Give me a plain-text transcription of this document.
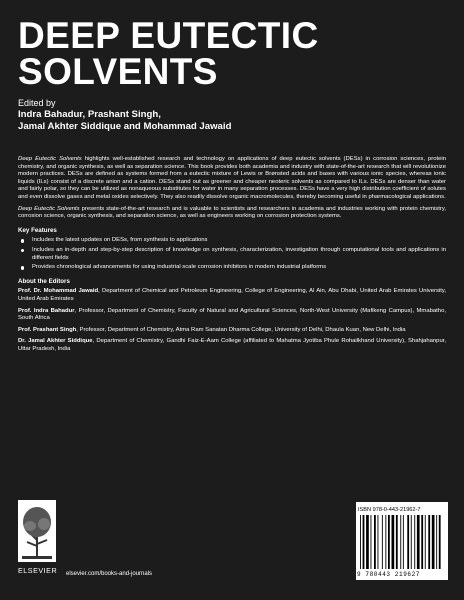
DEEP EUTECTIC
SOLVENTS
Edited by
Indra Bahadur, Prashant Singh,
Jamal Akhter Siddique and Mohammad Jawaid

Deep Eutectic Solvents highlights well-established research and technology on applications of deep eutectic solvents (DESs) in corrosion sciences, protein chemistry, and organic synthesis, as well as separation science. This book provides both academia and industry with state-of-the-art research that will revolutionize modern practices. DESs are defined as systems formed from a eutectic mixture of Lewis or Brønsted acids and bases with various ionic species, whereas ionic liquids (ILs) consist of a discrete anion and a cation. DESs stand out as greener and cheaper neoteric solvents as compared to ILs. DESs are denser than water and fairly polar, so they can be utilized as nonaqueous substitutes for water in many separation processes. DESs have a very high distribution coefficient of solutes and even dissolve gases and metal oxides selectively. They also readily dissolve organic macromolecules, thereby becoming useful in pharmacological applications.

Deep Eutectic Solvents presents state-of-the-art research and is valuable to scientists and researchers in academia and industries working with protein chemistry, corrosion science, organic synthesis, and separation science, as well as engineers working on corrosion protection systems.

Key Features
Includes the latest updates on DESs, from synthesis to applications
Includes an in-depth and step-by-step description of knowledge on synthesis, characterization, investigation through computational tools and applications in different fields
Provides chronological advancements for using industrial scale corrosion inhibitors in modern industrial platforms
About the Editors

Prof. Dr. Mohammad Jawaid, Department of Chemical and Petroleum Engineering, College of Engineering, Al Ain, Abu Dhabi, United Arab Emirates University, United Arab Emirates

Prof. Indra Bahadur, Professor, Department of Chemistry, Faculty of Natural and Agricultural Sciences, North-West University (Mafikeng Campus), Mmabatho, South Africa

Prof. Prashant Singh, Professor, Department of Chemistry, Atma Ram Sanatan Dharma College, University of Delhi, Dhaula Kuan, New Delhi, India

Dr. Jamal Akhter Siddique, Department of Chemistry, Gandhi Faiz-E-Aam College (affiliated to Mahatma Jyotiba Phule Rohailkhand University), Shahjahanpur, Uttar Pradesh, India

ELSEVIER	elsevier.com/books-and-journals
ISBN 978-0-443-21962-7
9 780443 219627
